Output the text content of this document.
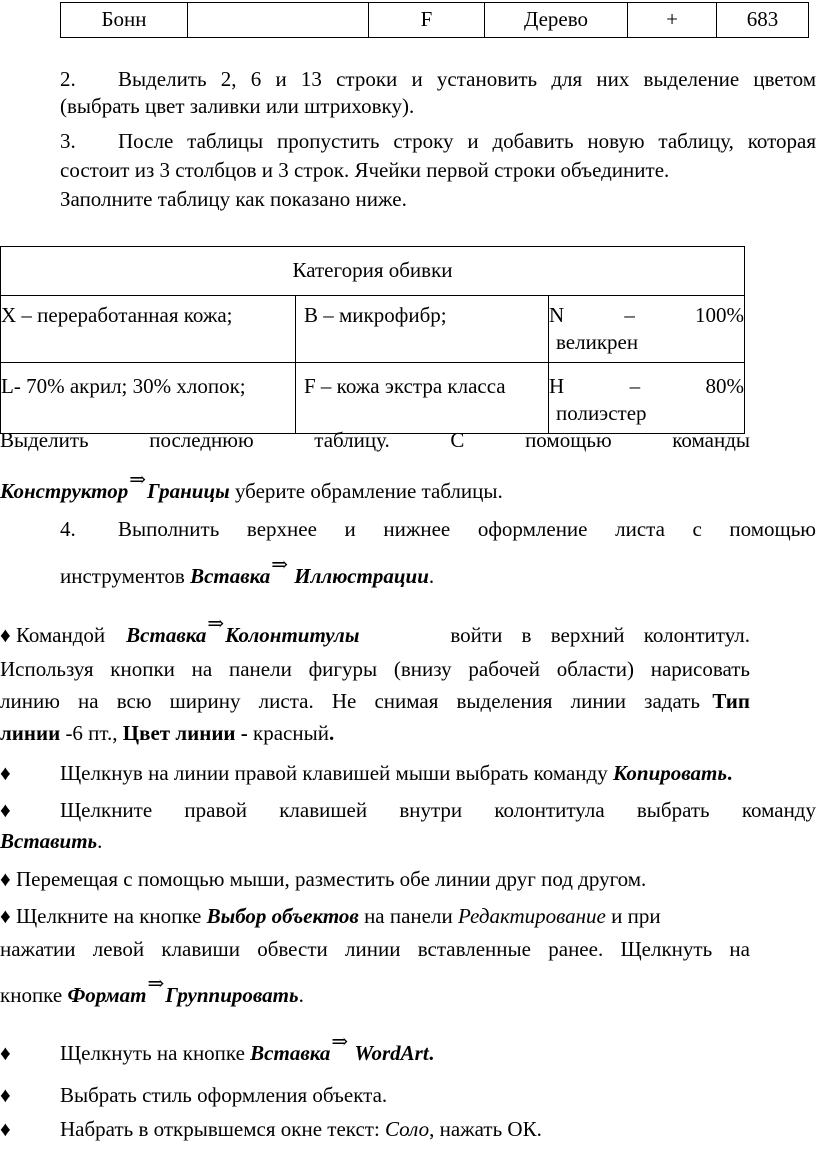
Бонн		F	Дерево	+	683
2.	Выделить 2, 6 и 13 строки и установить для них выделение цветом
(выбрать цвет заливки или штриховку).
3.	После таблицы пропустить строку и добавить новую таблицу, которая
состоит из 3 столбцов и 3 строк. Ячейки первой строки объедините.
Заполните таблицу как показано ниже.
Категория обивки		
X – переработанная кожа;	В – микрофибр;	N – 100%
великрен

L- 70% акрил; 30% хлопок;	F – кожа экстра класса	H – 80%
полиэстер
Выделить последнюю таблицу. С помощью команды
Конструктор⇒Границы уберите обрамление таблицы.
4.	Выполнить верхнее и нижнее оформление листа с помощью
инструментов Вставка⇒ Иллюстрации.
♦ Командой    Вставка⇒Колонтитулы	войти в верхний колонтитул.
Используя кнопки на панели фигуры (внизу рабочей области) нарисовать
линию на всю ширину листа. Не снимая выделения линии задать Тип
линии -6 пт., Цвет линии - красный.
♦ Щелкнув на линии правой клавишей мыши выбрать команду Копировать.
♦	Щелкните правой клавишей внутри колонтитула выбрать команду
Вставить.
♦ Перемещая с помощью мыши, разместить обе линии друг под другом.
♦ Щелкните на кнопке Выбор объектов на панели Редактирование и при
нажатии левой клавиши обвести линии вставленные ранее. Щелкнуть на
кнопке Формат⇒Группировать.
♦ Щелкнуть на кнопке Вставка⇒ WordArt.
♦ Выбрать стиль оформления объекта.
♦ Набрать в открывшемся окне текст: Соло, нажать ОК.
